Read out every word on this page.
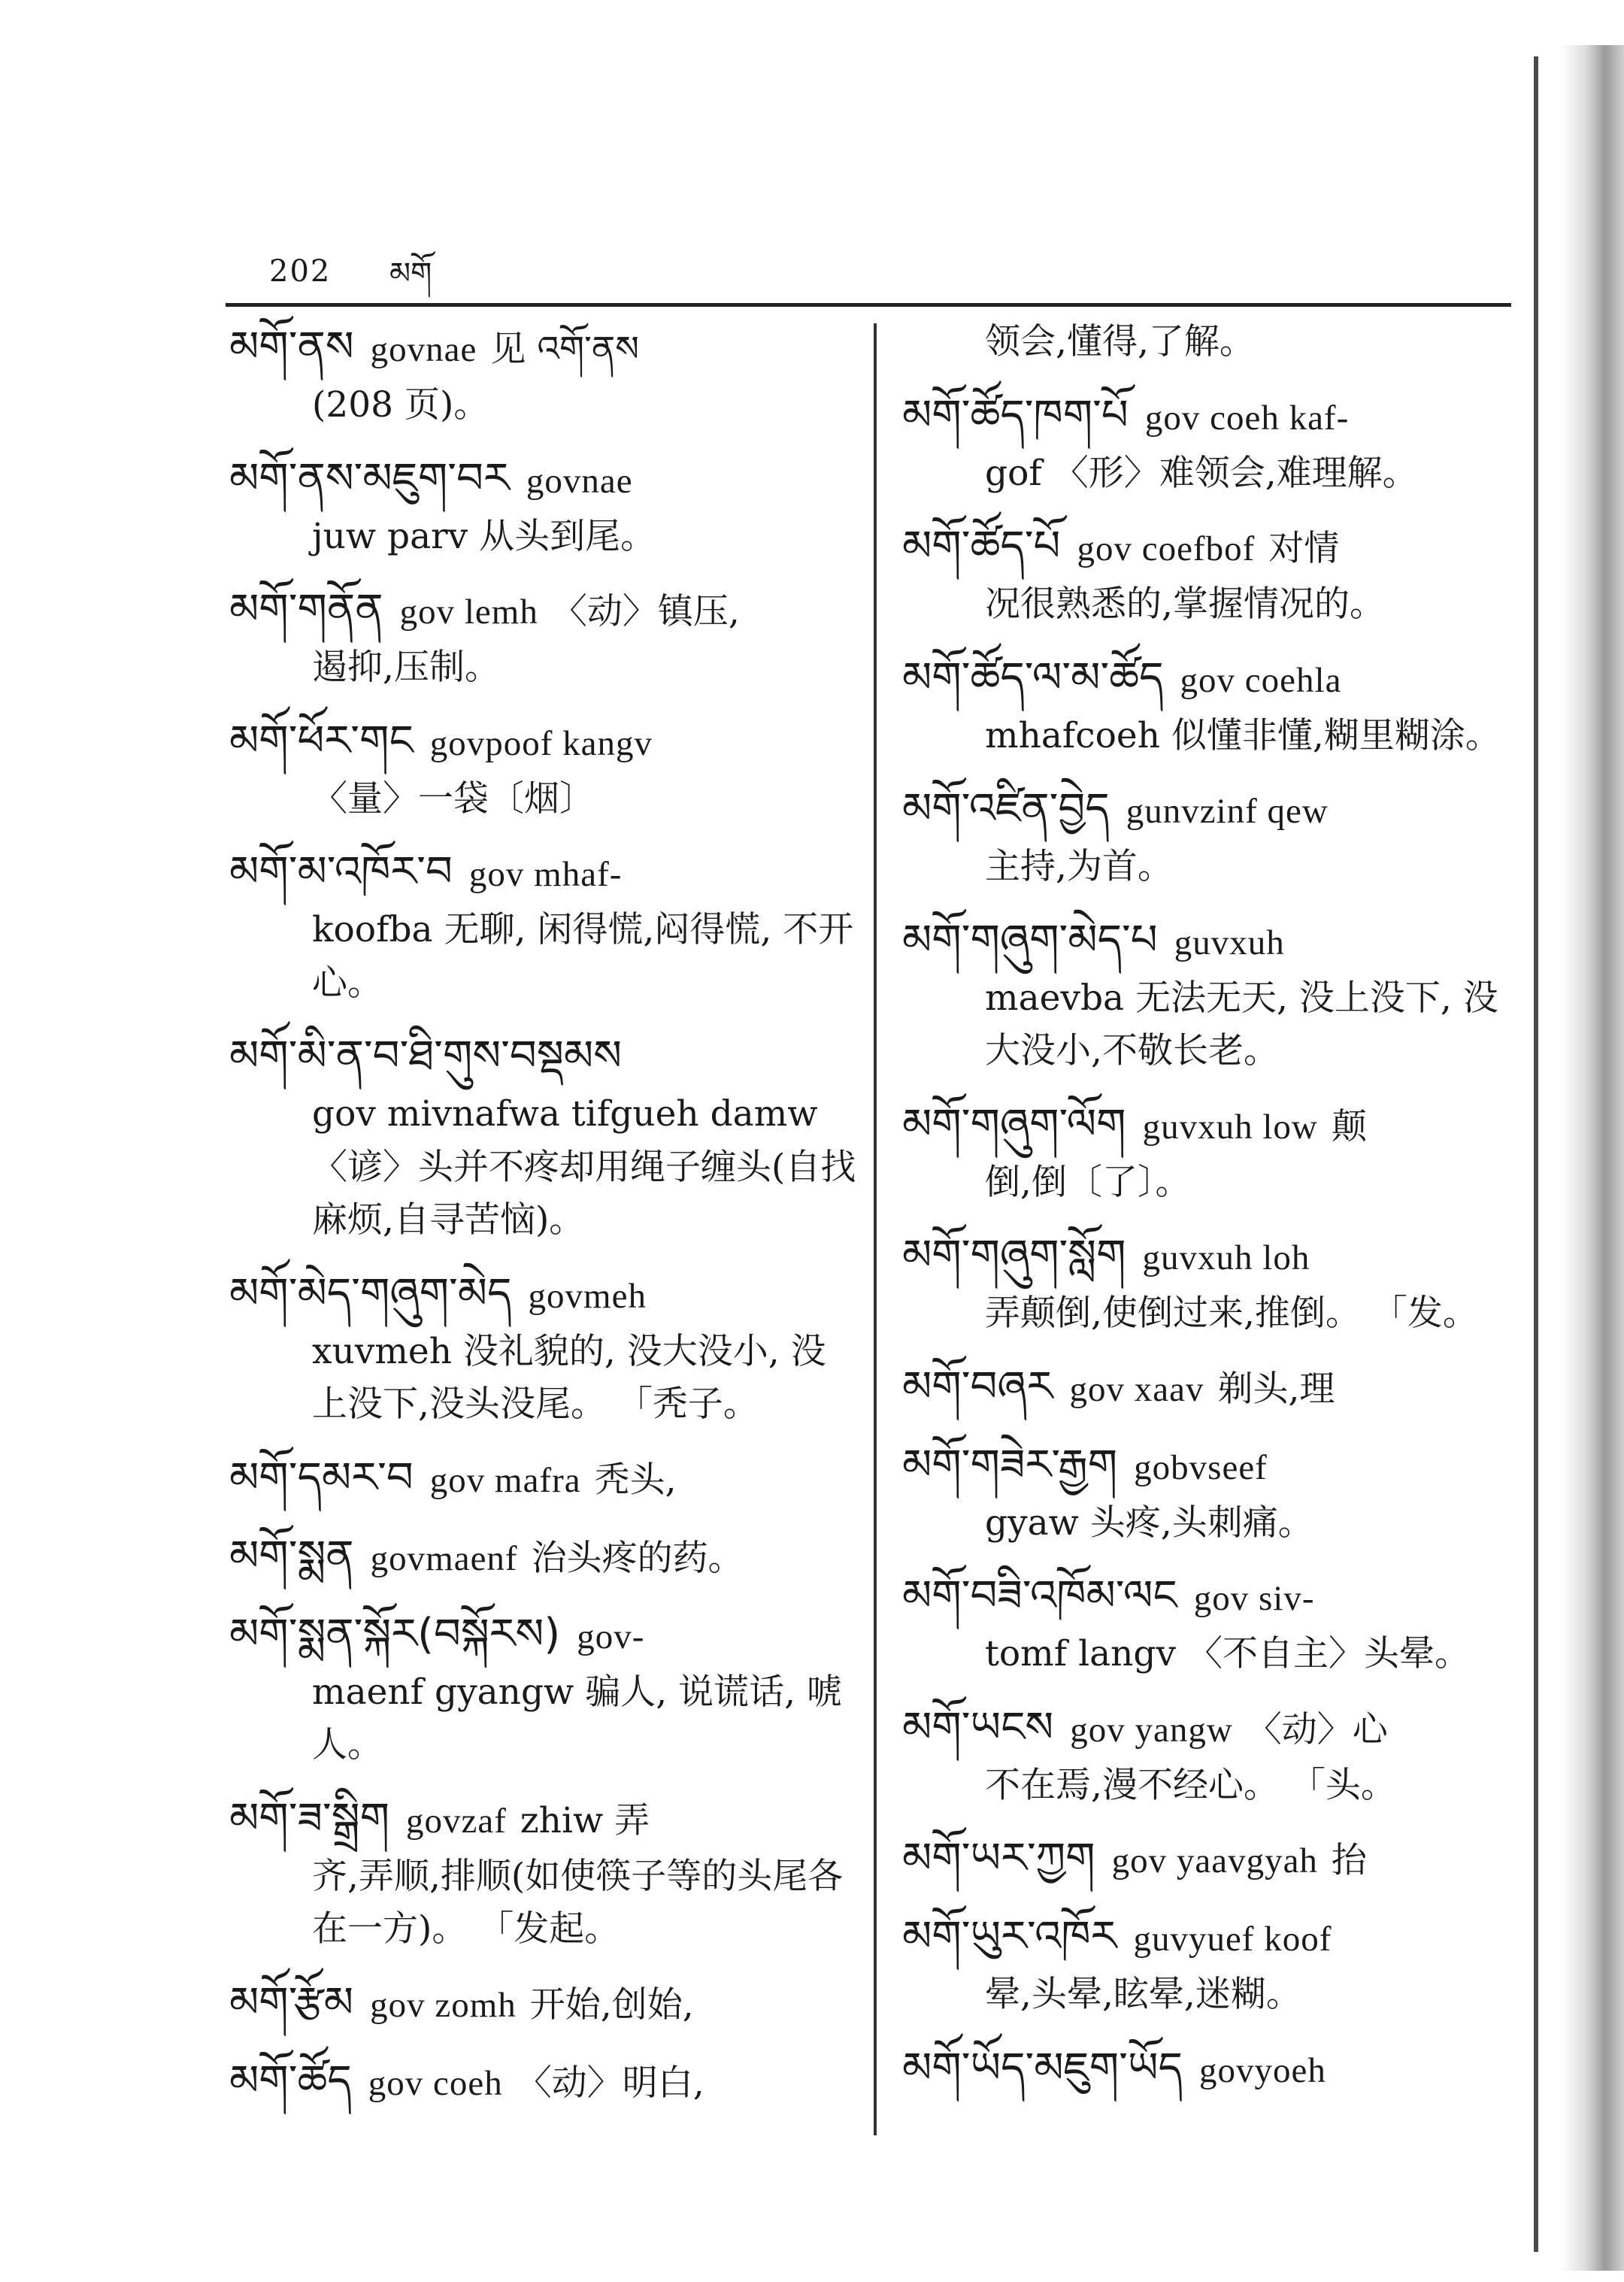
202 མགོ

མགོ་ནས govnae 见 འགོ་ནས

(208 页)。

མགོ་ནས་མཇུག་བར govnae

juw parv 从头到尾。

མགོ་གནོན gov lemh 〈动〉镇压,

遏抑,压制。

མགོ་ཕོར་གང govpoof kangv

〈量〉一袋〔烟〕

མགོ་མ་འཁོར་བ gov mhaf-

koofba 无聊, 闲得慌,闷得慌, 不开心。

མགོ་མི་ན་བ་ཐི་གུས་བསྡམས

gov mivnafwa tifgueh damw 〈谚〉头并不疼却用绳子缠头(自找麻烦,自寻苦恼)。

མགོ་མེད་གཞུག་མེད govmeh

xuvmeh 没礼貌的, 没大没小, 没上没下,没头没尾。 「秃子。

མགོ་དམར་བ gov mafra 秃头,

མགོ་སྨན govmaenf 治头疼的药。

མགོ་སྨན་སྐོར(བསྐོརས) gov-

maenf gyangw 骗人, 说谎话, 唬人。

མགོ་ཟ་སྒྲིག govzaf zhiw 弄

齐,弄顺,排顺(如使筷子等的头尾各在一方)。 「发起。

མགོ་རྩོམ gov zomh 开始,创始,

མགོ་ཚོད gov coeh 〈动〉明白,

领会,懂得,了解。

མགོ་ཚོད་ཁག་པོ gov coeh kaf-

gof 〈形〉难领会,难理解。

མགོ་ཚོད་པོ gov coefbof 对情

况很熟悉的,掌握情况的。

མགོ་ཚོད་ལ་མ་ཚོད gov coehla

mhafcoeh 似懂非懂,糊里糊涂。

མགོ་འཛིན་བྱེད gunvzinf qew

主持,为首。

མགོ་གཞུག་མེད་པ guvxuh

maevba 无法无天, 没上没下, 没大没小,不敬长老。

མགོ་གཞུག་ལོག guvxuh low 颠

倒,倒〔了〕。

མགོ་གཞུག་སློག guvxuh loh

弄颠倒,使倒过来,推倒。 「发。

མགོ་བཞར gov xaav 剃头,理

མགོ་གཟེར་རྒྱག gobvseef

gyaw 头疼,头刺痛。

མགོ་བཟི་འཁོམ་ལང gov siv-

tomf langv 〈不自主〉头晕。

མགོ་ཡངས gov yangw 〈动〉心

不在焉,漫不经心。 「头。

མགོ་ཡར་ཀྱག gov yaavgyah 抬

མགོ་ཡུར་འཁོར guvyuef koof

晕,头晕,眩晕,迷糊。

མགོ་ཡོད་མཇུག་ཡོད govyoeh
